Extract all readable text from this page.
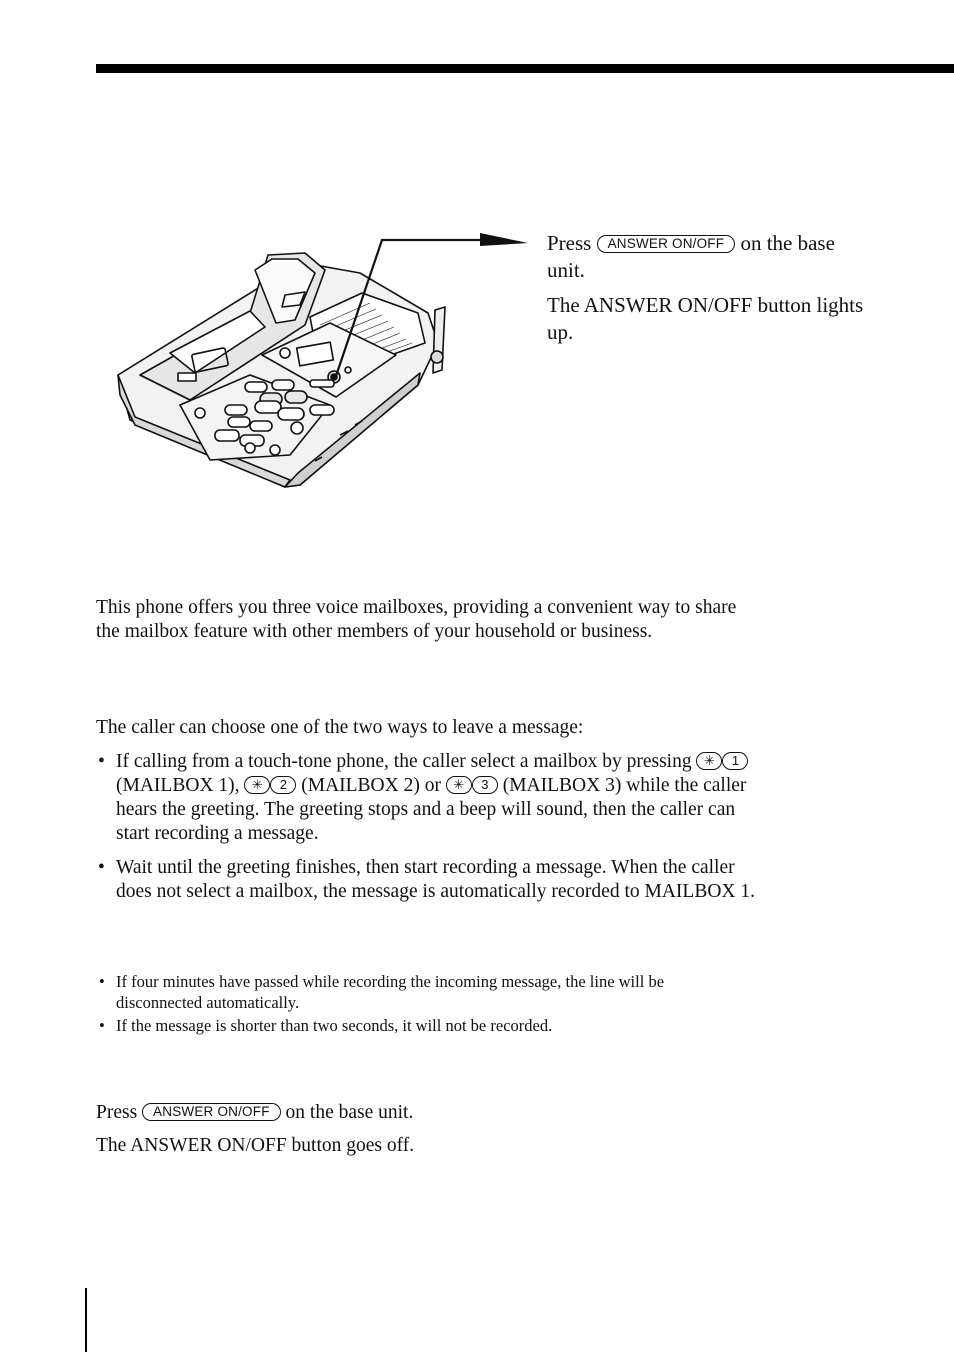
Press ANSWER ON/OFF on the base unit.

The ANSWER ON/OFF button lights up.

This phone offers you three voice mailboxes, providing a convenient way to share the mailbox feature with other members of your household or business.

The caller can choose one of the two ways to leave a message:

• If calling from a touch-tone phone, the caller select a mailbox by pressing ✳ 1 (MAILBOX 1), ✳ 2 (MAILBOX 2) or ✳ 3 (MAILBOX 3) while the caller hears the greeting. The greeting stops and a beep will sound, then the caller can start recording a message.
• Wait until the greeting finishes, then start recording a message. When the caller does not select a mailbox, the message is automatically recorded to MAILBOX 1.
• If four minutes have passed while recording the incoming message, the line will be disconnected automatically.
• If the message is shorter than two seconds, it will not be recorded.

Press ANSWER ON/OFF on the base unit.

The ANSWER ON/OFF button goes off.
